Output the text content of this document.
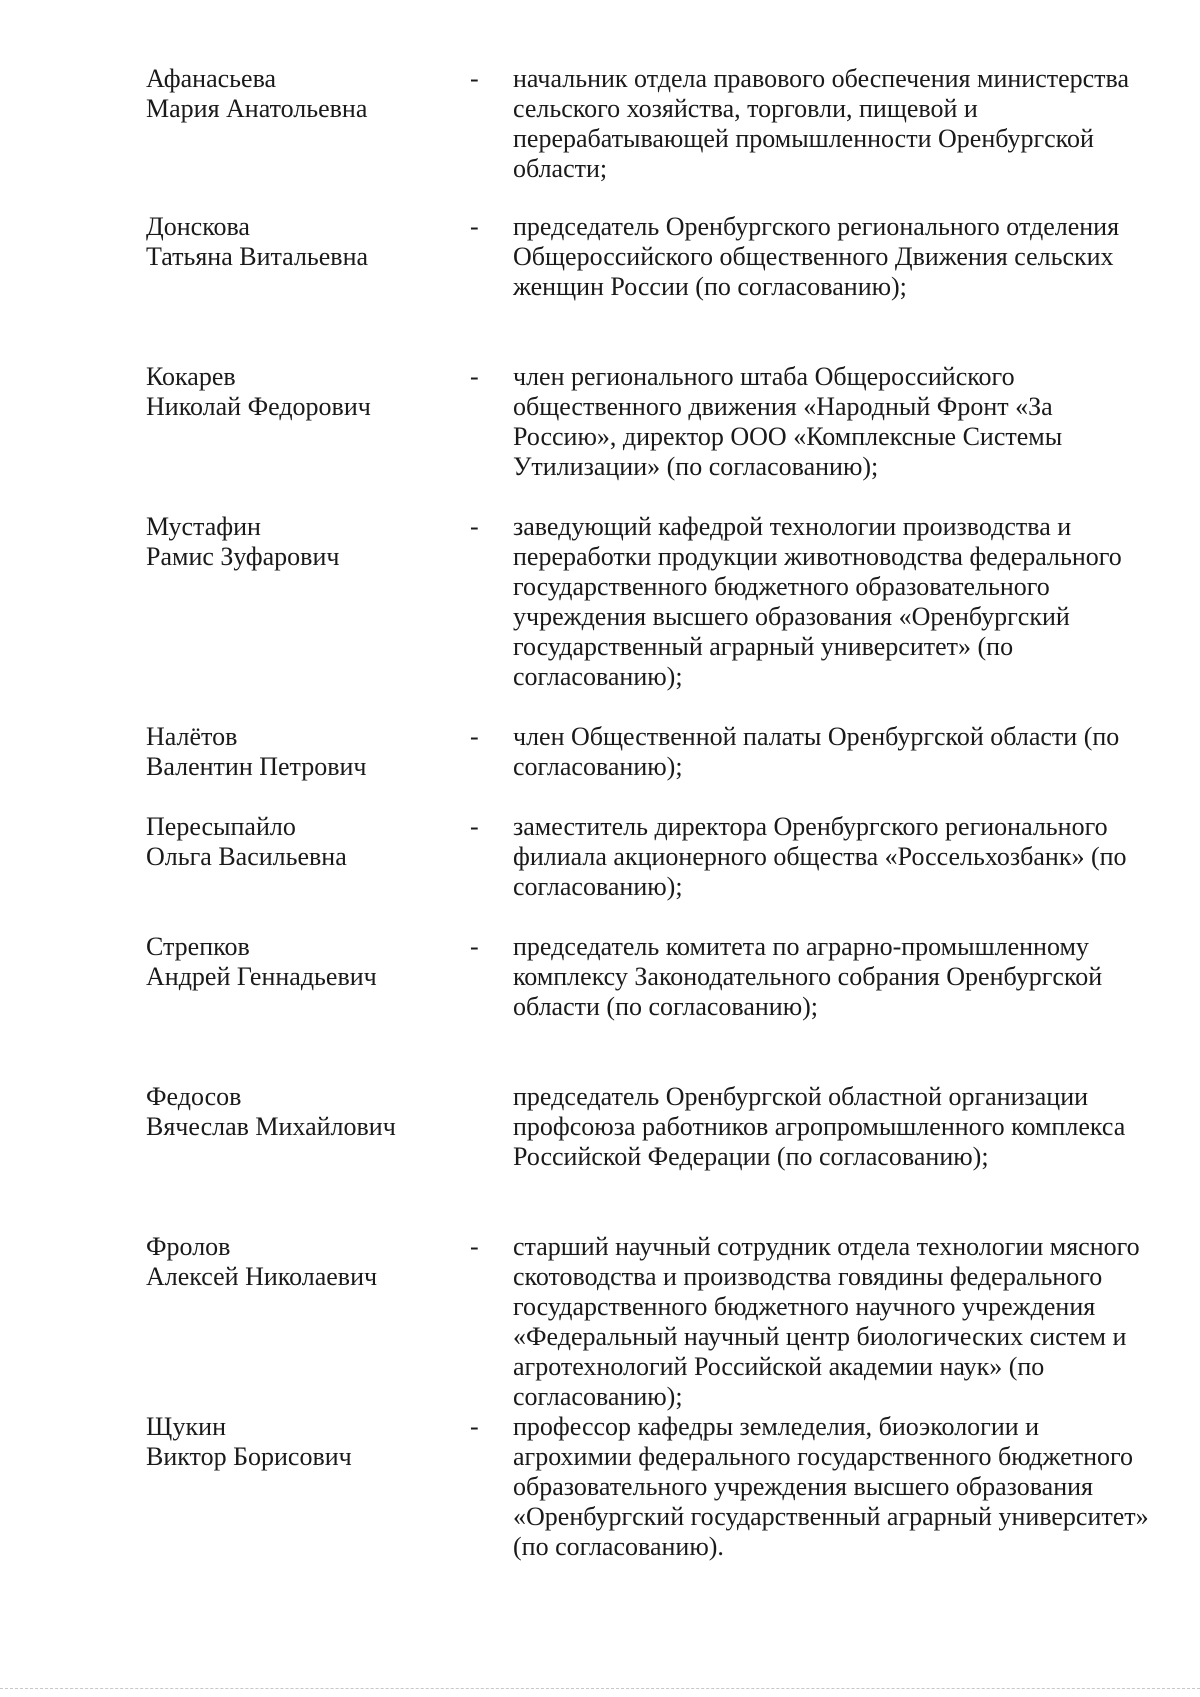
Афанасьева
Мария Анатольевна
- начальник отдела правового обеспечения министерства сельского хозяйства, торговли, пищевой и перерабатывающей промышленности Оренбургской области;
Донскова
Татьяна Витальевна
- председатель Оренбургского регионального отделения Общероссийского общественного Движения сельских женщин России (по согласованию);
Кокарев
Николай Федорович
- член регионального штаба Общероссийского общественного движения «Народный Фронт «За Россию», директор ООО «Комплексные Системы Утилизации» (по согласованию);
Мустафин
Рамис Зуфарович
- заведующий кафедрой технологии производства и переработки продукции животноводства федерального государственного бюджетного образовательного учреждения высшего образования «Оренбургский государственный аграрный университет» (по согласованию);
Налётов
Валентин Петрович
- член Общественной палаты Оренбургской области (по согласованию);
Пересыпайло
Ольга Васильевна
- заместитель директора Оренбургского регионального филиала акционерного общества «Россельхозбанк» (по согласованию);
Стрепков
Андрей Геннадьевич
- председатель комитета по аграрно-промышленному комплексу Законодательного собрания Оренбургской области (по согласованию);
Федосов
Вячеслав Михайлович
председатель Оренбургской областной организации профсоюза работников агропромышленного комплекса Российской Федерации (по согласованию);
Фролов
Алексей Николаевич
- старший научный сотрудник отдела технологии мясного скотоводства и производства говядины федерального государственного бюджетного научного учреждения «Федеральный научный центр биологических систем и агротехнологий Российской академии наук» (по согласованию);
Щукин
Виктор Борисович
- профессор кафедры земледелия, биоэкологии и агрохимии федерального государственного бюджетного образовательного учреждения высшего образования «Оренбургский государственный аграрный университет» (по согласованию).
